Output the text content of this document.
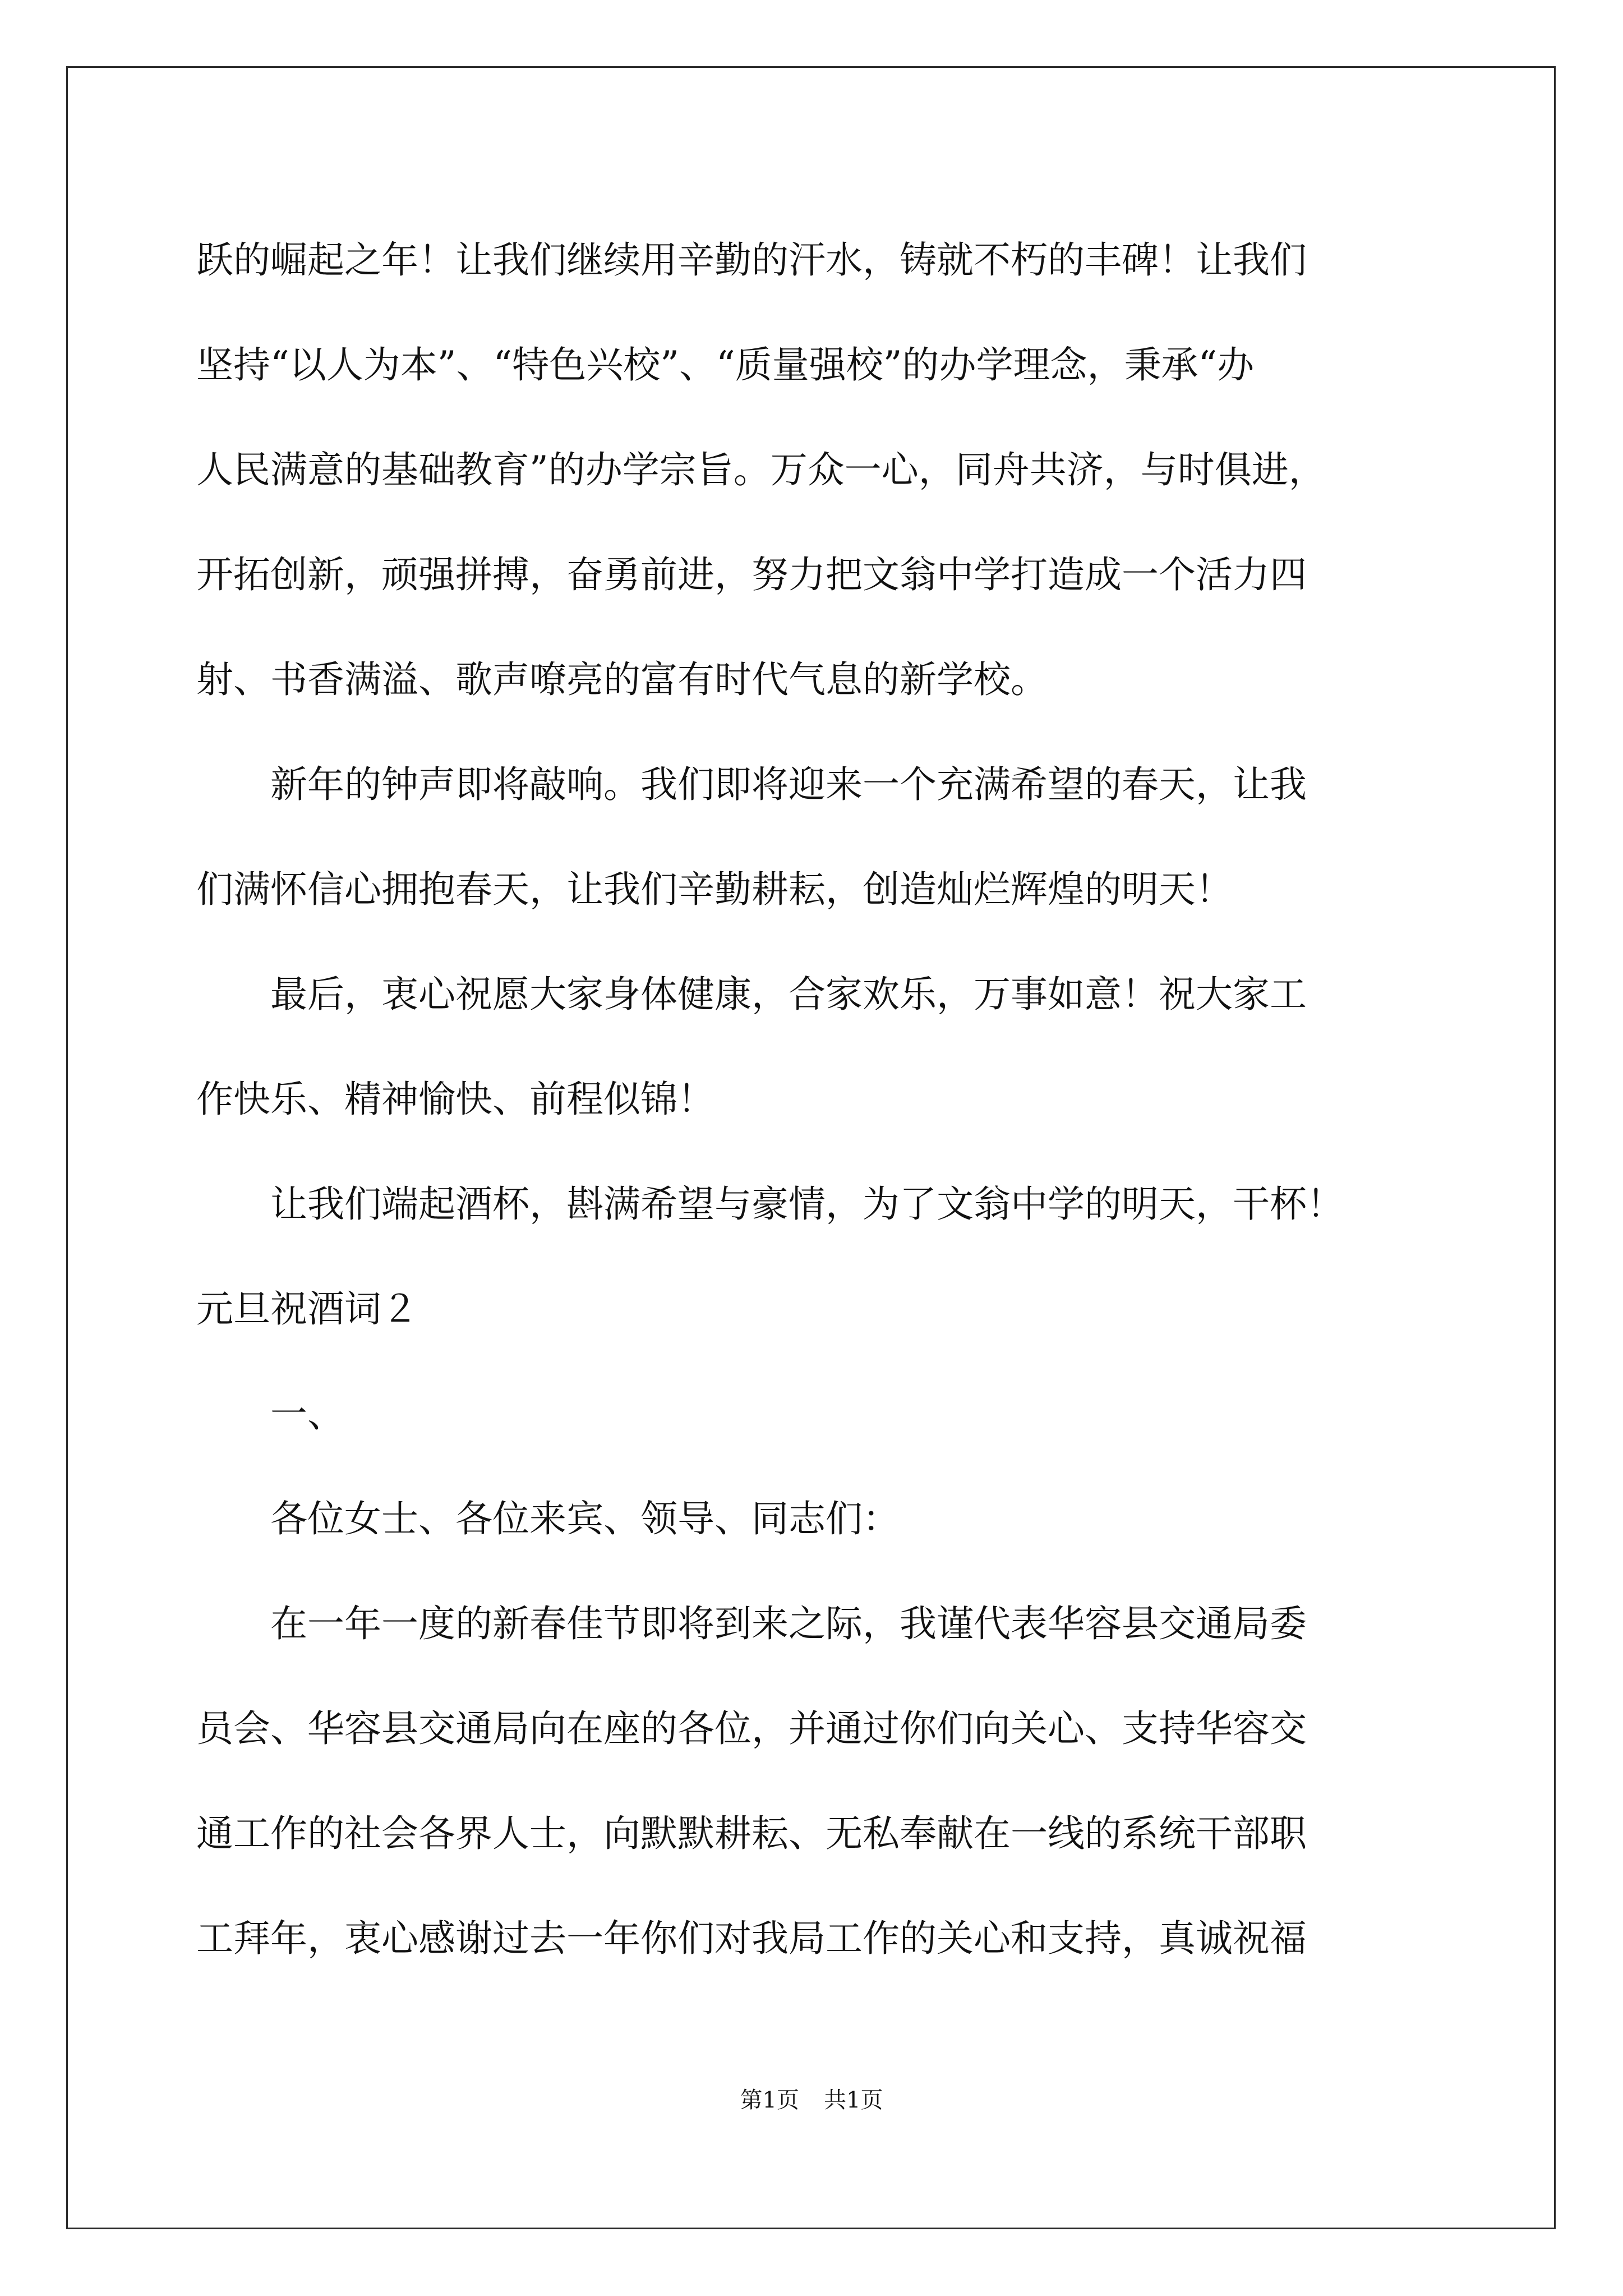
跃的崛起之年！让我们继续用辛勤的汗水，铸就不朽的丰碑！让我们

坚持“以人为本”、“特色兴校”、“质量强校”的办学理念，秉承“办

人民满意的基础教育”的办学宗旨。万众一心，同舟共济，与时俱进，

开拓创新，顽强拼搏，奋勇前进，努力把文翁中学打造成一个活力四

射、书香满溢、歌声嘹亮的富有时代气息的新学校。

　　新年的钟声即将敲响。我们即将迎来一个充满希望的春天，让我

们满怀信心拥抱春天，让我们辛勤耕耘，创造灿烂辉煌的明天！

　　最后，衷心祝愿大家身体健康，合家欢乐，万事如意！祝大家工

作快乐、精神愉快、前程似锦！

　　让我们端起酒杯，斟满希望与豪情，为了文翁中学的明天，干杯！

元旦祝酒词２

　　一、

　　各位女士、各位来宾、领导、同志们：

　　在一年一度的新春佳节即将到来之际，我谨代表华容县交通局委

员会、华容县交通局向在座的各位，并通过你们向关心、支持华容交

通工作的社会各界人士，向默默耕耘、无私奉献在一线的系统干部职

工拜年，衷心感谢过去一年你们对我局工作的关心和支持，真诚祝福

第1页 共1页
